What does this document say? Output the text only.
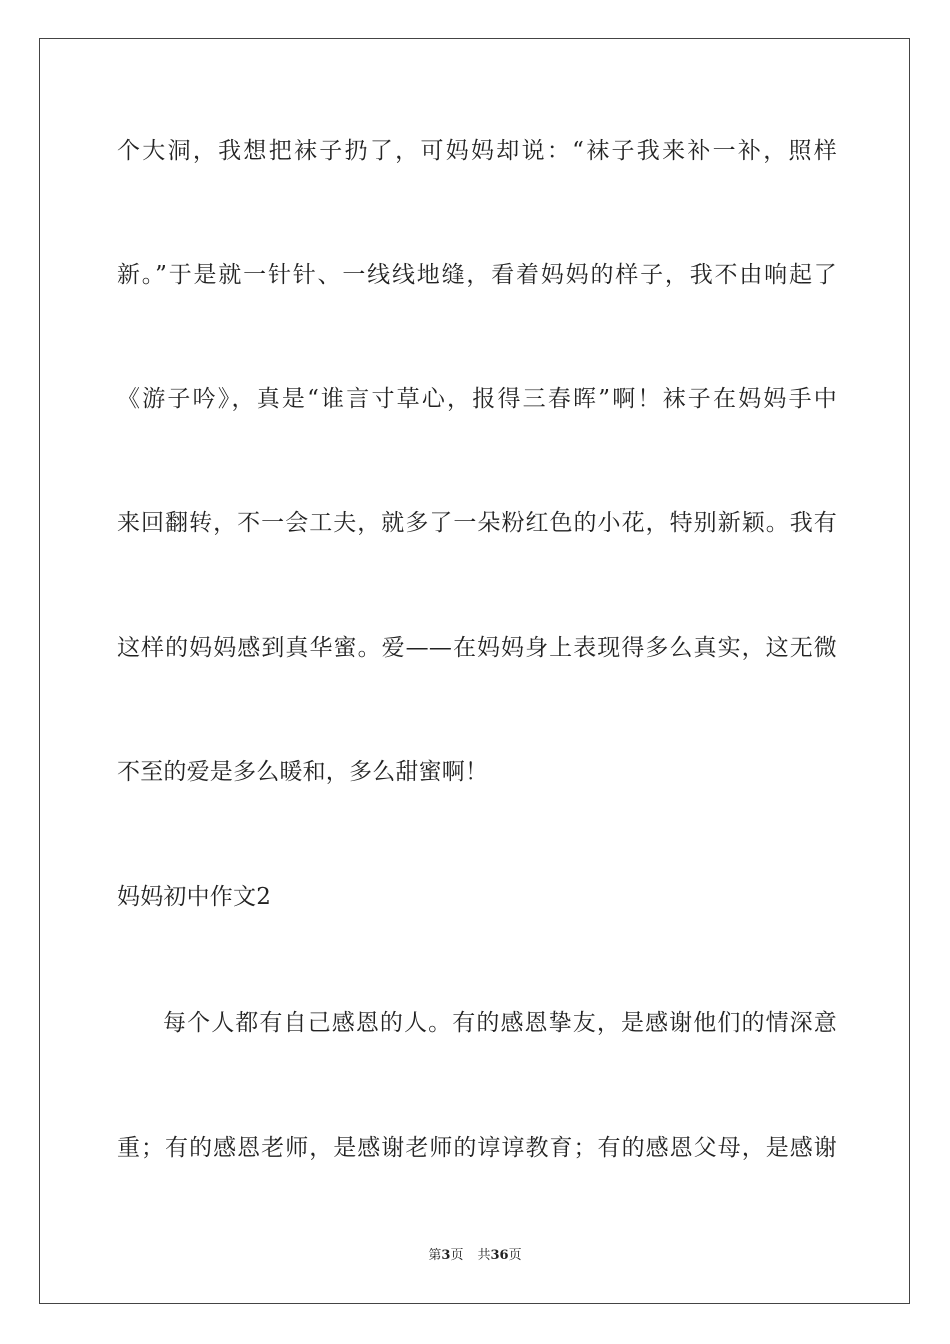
个大洞，我想把袜子扔了，可妈妈却说：“袜子我来补一补，照样
新。”于是就一针针、一线线地缝，看着妈妈的样子，我不由响起了
《游子吟》，真是“谁言寸草心，报得三春晖”啊！袜子在妈妈手中
来回翻转，不一会工夫，就多了一朵粉红色的小花，特别新颖。我有
这样的妈妈感到真华蜜。爱——在妈妈身上表现得多么真实，这无微
不至的爱是多么暖和，多么甜蜜啊！
妈妈初中作文2
每个人都有自己感恩的人。有的感恩挚友，是感谢他们的情深意
重；有的感恩老师，是感谢老师的谆谆教育；有的感恩父母，是感谢
第3页 共36页
